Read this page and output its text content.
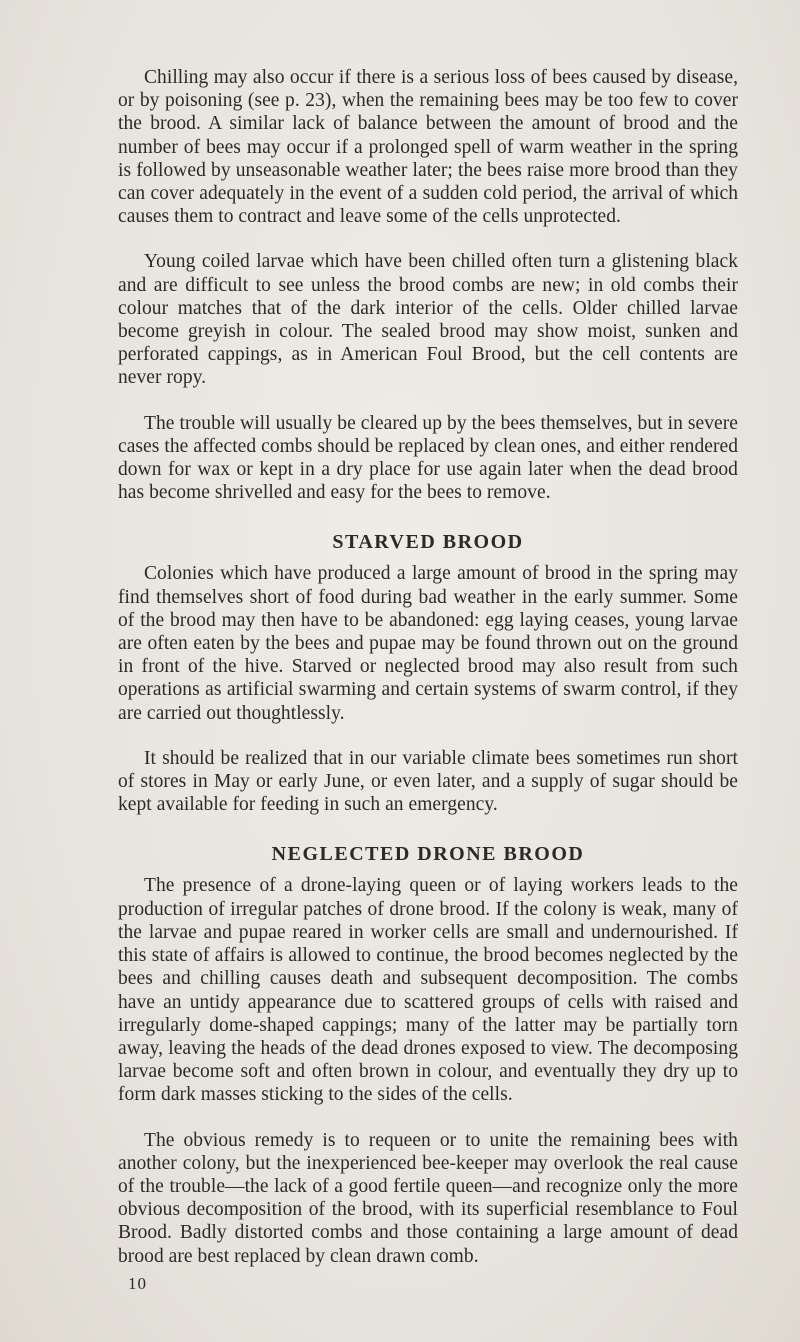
Chilling may also occur if there is a serious loss of bees caused by disease, or by poisoning (see p. 23), when the remaining bees may be too few to cover the brood. A similar lack of balance between the amount of brood and the number of bees may occur if a prolonged spell of warm weather in the spring is followed by unseasonable weather later; the bees raise more brood than they can cover adequately in the event of a sudden cold period, the arrival of which causes them to contract and leave some of the cells unprotected.

Young coiled larvae which have been chilled often turn a glistening black and are difficult to see unless the brood combs are new; in old combs their colour matches that of the dark interior of the cells. Older chilled larvae become greyish in colour. The sealed brood may show moist, sunken and perforated cappings, as in American Foul Brood, but the cell contents are never ropy.

The trouble will usually be cleared up by the bees themselves, but in severe cases the affected combs should be replaced by clean ones, and either rendered down for wax or kept in a dry place for use again later when the dead brood has become shrivelled and easy for the bees to remove.

STARVED BROOD

Colonies which have produced a large amount of brood in the spring may find themselves short of food during bad weather in the early summer. Some of the brood may then have to be abandoned: egg laying ceases, young larvae are often eaten by the bees and pupae may be found thrown out on the ground in front of the hive. Starved or neglected brood may also result from such operations as artificial swarming and certain systems of swarm control, if they are carried out thoughtlessly.

It should be realized that in our variable climate bees sometimes run short of stores in May or early June, or even later, and a supply of sugar should be kept available for feeding in such an emergency.

NEGLECTED DRONE BROOD

The presence of a drone-laying queen or of laying workers leads to the production of irregular patches of drone brood. If the colony is weak, many of the larvae and pupae reared in worker cells are small and undernourished. If this state of affairs is allowed to continue, the brood becomes neglected by the bees and chilling causes death and subsequent decomposition. The combs have an untidy appearance due to scattered groups of cells with raised and irregularly dome-shaped cappings; many of the latter may be partially torn away, leaving the heads of the dead drones exposed to view. The decomposing larvae become soft and often brown in colour, and eventually they dry up to form dark masses sticking to the sides of the cells.

The obvious remedy is to requeen or to unite the remaining bees with another colony, but the inexperienced bee-keeper may overlook the real cause of the trouble—the lack of a good fertile queen—and recognize only the more obvious decomposition of the brood, with its superficial resemblance to Foul Brood. Badly distorted combs and those containing a large amount of dead brood are best replaced by clean drawn comb.

10
